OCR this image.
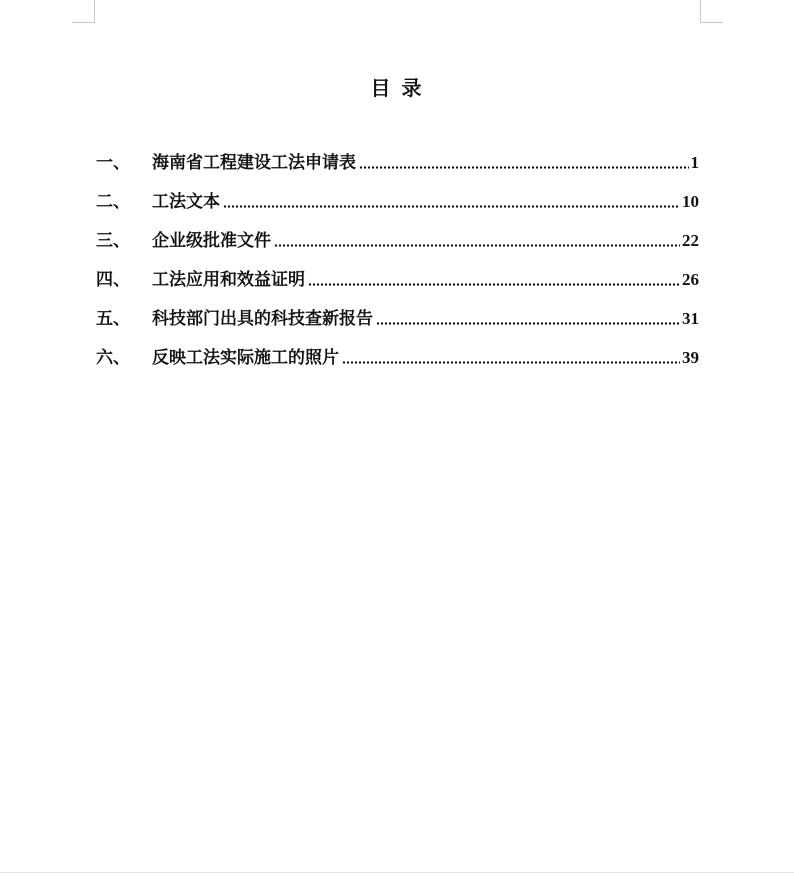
目 录
一、	海南省工程建设工法申请表	1
二、	工法文本	10
三、	企业级批准文件	22
四、	工法应用和效益证明	26
五、	科技部门出具的科技查新报告	31
六、	反映工法实际施工的照片	39
